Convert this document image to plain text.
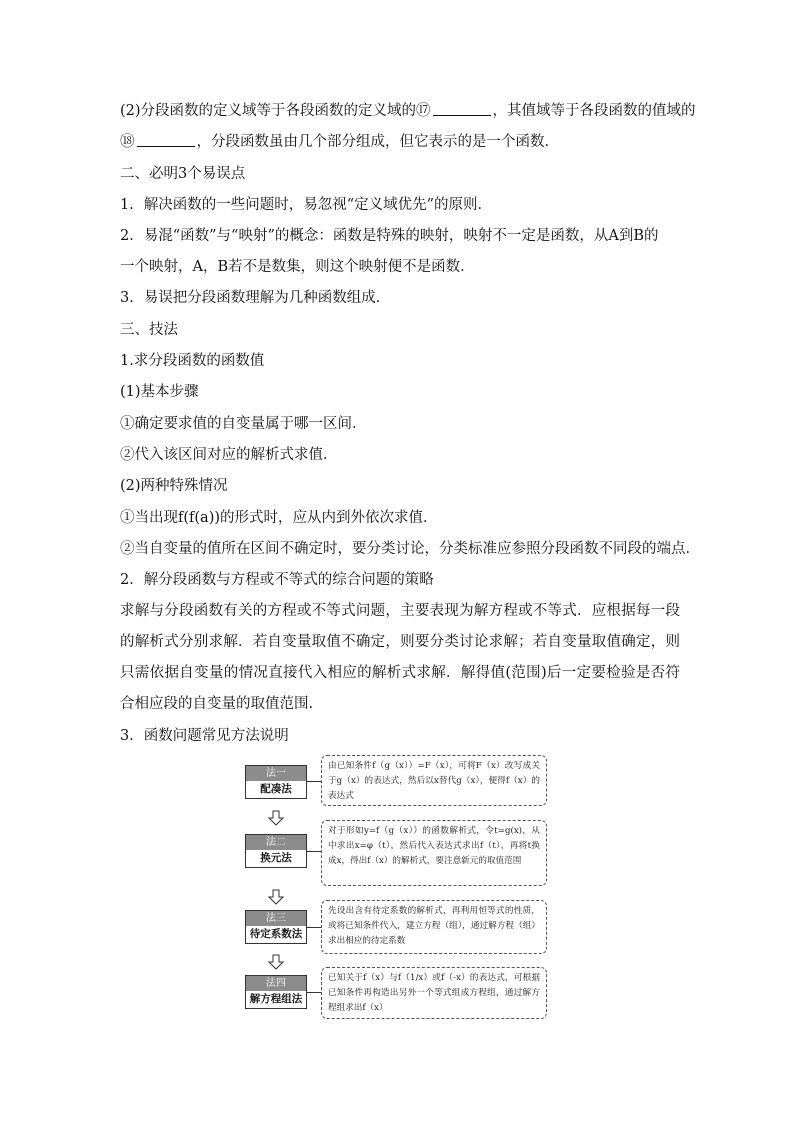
(2)分段函数的定义域等于各段函数的定义域的⑰	，其值域等于各段函数的值域的
⑱	，分段函数虽由几个部分组成，但它表示的是一个函数．
二、必明3个易误点
1．解决函数的一些问题时，易忽视“定义域优先”的原则．
2．易混“函数”与“映射”的概念：函数是特殊的映射，映射不一定是函数，从A到B的
一个映射，A，B若不是数集，则这个映射便不是函数．
3．易误把分段函数理解为几种函数组成．
三、技法
1.求分段函数的函数值
(1)基本步骤
①确定要求值的自变量属于哪一区间．
②代入该区间对应的解析式求值．
(2)两种特殊情况
①当出现f(f(a))的形式时，应从内到外依次求值．
②当自变量的值所在区间不确定时，要分类讨论，分类标准应参照分段函数不同段的端点．
2．解分段函数与方程或不等式的综合问题的策略
求解与分段函数有关的方程或不等式问题，主要表现为解方程或不等式．应根据每一段的解析式分别求解．若自变量取值不确定，则要分类讨论求解；若自变量取值确定，则只需依据自变量的情况直接代入相应的解析式求解．解得值(范围)后一定要检验是否符合相应段的自变量的取值范围.
3．函数问题常见方法说明
法一
配凑法
由已知条件f（g（x））=F（x），可将F（x）改写成关于g（x）的表达式，然后以x替代g（x），便得f（x）的表达式
法二
换元法
对于形如y=f（g（x））的函数解析式，令t=g(x)，从中求出x=φ（t），然后代入表达式求出f（t），再将t换成x，得出f（x）的解析式，要注意新元的取值范围
法三
待定系数法
先设出含有待定系数的解析式，再利用恒等式的性质，或将已知条件代入，建立方程（组），通过解方程（组）求出相应的待定系数
法四
解方程组法
已知关于f（x）与f（1/x）或f（-x）的表达式，可根据已知条件再构造出另外一个等式组成方程组，通过解方程组求出f（x）
